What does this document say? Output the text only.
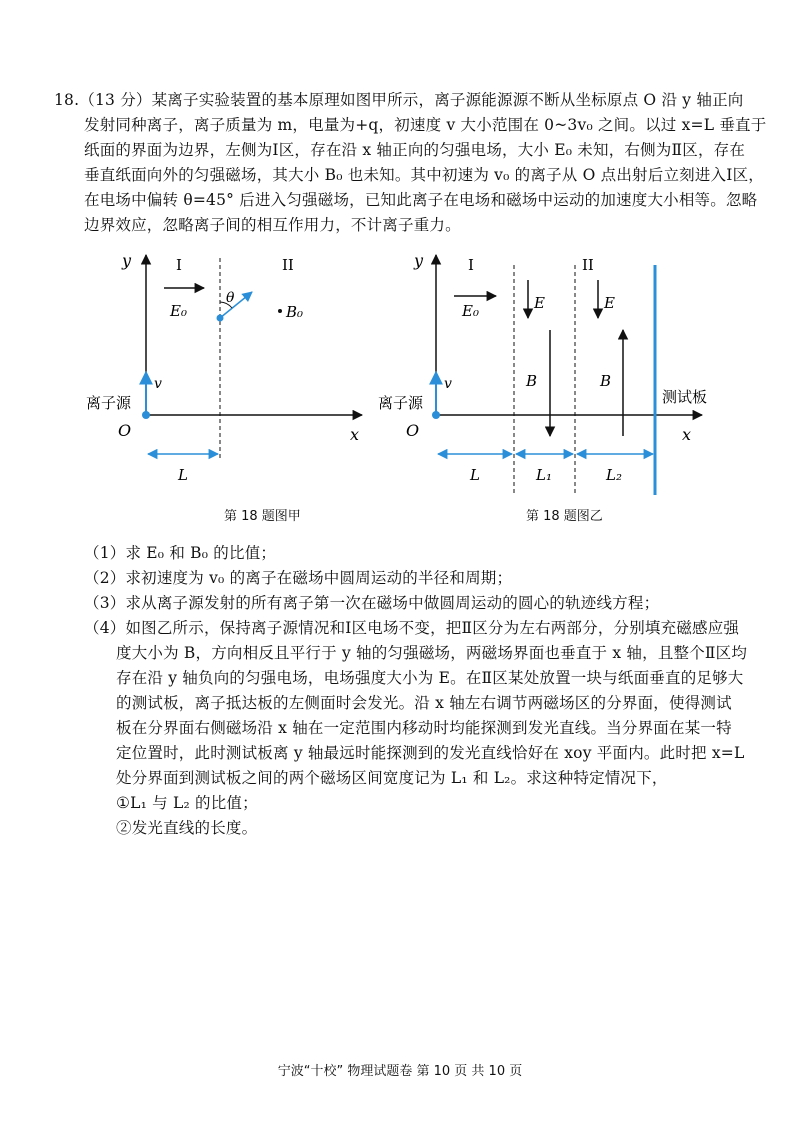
18.（13 分）某离子实验装置的基本原理如图甲所示，离子源能源源不断从坐标原点 O 沿 y 轴正向
发射同种离子，离子质量为 m，电量为+q，初速度 v 大小范围在 0~3v₀ 之间。以过 x=L 垂直于
纸面的界面为边界，左侧为Ⅰ区，存在沿 x 轴正向的匀强电场，大小 E₀ 未知，右侧为Ⅱ区，存在
垂直纸面向外的匀强磁场，其大小 B₀ 也未知。其中初速为 v₀ 的离子从 O 点出射后立刻进入Ⅰ区，
在电场中偏转 θ=45° 后进入匀强磁场，已知此离子在电场和磁场中运动的加速度大小相等。忽略
边界效应，忽略离子间的相互作用力，不计离子重力。
y
x
O
I	II
E₀
θ
B₀
v
离子源
L
y
x
O
I	II
E₀	E	E
B	B
测试板
v
离子源
L	L₁	L₂
第 18 题图甲	第 18 题图乙
（1）求 E₀ 和 B₀ 的比值；
（2）求初速度为 v₀ 的离子在磁场中圆周运动的半径和周期；
（3）求从离子源发射的所有离子第一次在磁场中做圆周运动的圆心的轨迹线方程；
（4）如图乙所示，保持离子源情况和Ⅰ区电场不变，把Ⅱ区分为左右两部分，分别填充磁感应强
度大小为 B，方向相反且平行于 y 轴的匀强磁场，两磁场界面也垂直于 x 轴，且整个Ⅱ区均
存在沿 y 轴负向的匀强电场，电场强度大小为 E。在Ⅱ区某处放置一块与纸面垂直的足够大
的测试板，离子抵达板的左侧面时会发光。沿 x 轴左右调节两磁场区的分界面，使得测试
板在分界面右侧磁场沿 x 轴在一定范围内移动时均能探测到发光直线。当分界面在某一特
定位置时，此时测试板离 y 轴最远时能探测到的发光直线恰好在 xoy 平面内。此时把 x=L
处分界面到测试板之间的两个磁场区间宽度记为 L₁ 和 L₂。求这种特定情况下，
①L₁ 与 L₂ 的比值；
②发光直线的长度。
宁波“十校” 物理试题卷 第 10 页 共 10 页
